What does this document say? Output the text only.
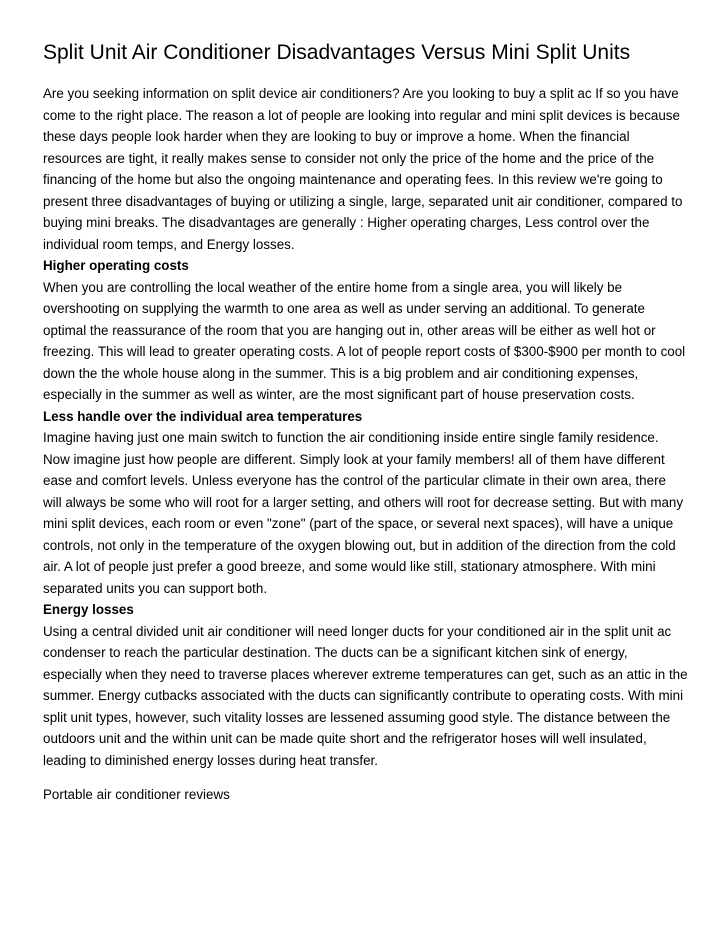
Split Unit Air Conditioner Disadvantages Versus Mini Split Units

Are you seeking information on split device air conditioners? Are you looking to buy a split ac If so you have come to the right place. The reason a lot of people are looking into regular and mini split devices is because these days people look harder when they are looking to buy or improve a home. When the financial resources are tight, it really makes sense to consider not only the price of the home and the price of the financing of the home but also the ongoing maintenance and operating fees. In this review we're going to present three disadvantages of buying or utilizing a single, large, separated unit air conditioner, compared to buying mini breaks. The disadvantages are generally : Higher operating charges, Less control over the individual room temps, and Energy losses.

Higher operating costs

When you are controlling the local weather of the entire home from a single area, you will likely be overshooting on supplying the warmth to one area as well as under serving an additional. To generate optimal the reassurance of the room that you are hanging out in, other areas will be either as well hot or freezing. This will lead to greater operating costs. A lot of people report costs of $300-$900 per month to cool down the the whole house along in the summer. This is a big problem and air conditioning expenses, especially in the summer as well as winter, are the most significant part of house preservation costs.

Less handle over the individual area temperatures

Imagine having just one main switch to function the air conditioning inside entire single family residence. Now imagine just how people are different. Simply look at your family members! all of them have different ease and comfort levels. Unless everyone has the control of the particular climate in their own area, there will always be some who will root for a larger setting, and others will root for decrease setting. But with many mini split devices, each room or even "zone" (part of the space, or several next spaces), will have a unique controls, not only in the temperature of the oxygen blowing out, but in addition of the direction from the cold air. A lot of people just prefer a good breeze, and some would like still, stationary atmosphere. With mini separated units you can support both.

Energy losses

Using a central divided unit air conditioner will need longer ducts for your conditioned air in the split unit ac condenser to reach the particular destination. The ducts can be a significant kitchen sink of energy, especially when they need to traverse places wherever extreme temperatures can get, such as an attic in the summer. Energy cutbacks associated with the ducts can significantly contribute to operating costs. With mini split unit types, however, such vitality losses are lessened assuming good style. The distance between the outdoors unit and the within unit can be made quite short and the refrigerator hoses will well insulated, leading to diminished energy losses during heat transfer.

Portable air conditioner reviews
